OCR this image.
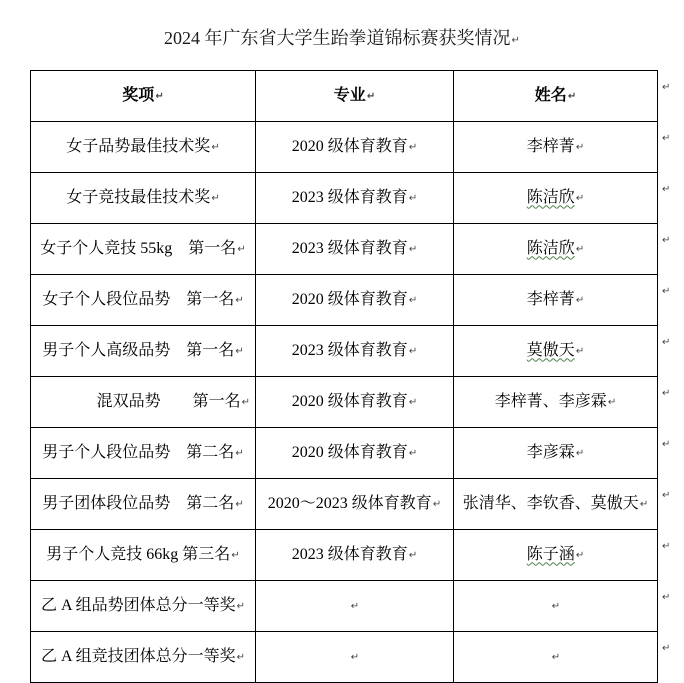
2024 年广东省大学生跆拳道锦标赛获奖情况↵
奖项↵	专业↵	姓名↵	↵
女子品势最佳技术奖↵	2020 级体育教育↵	李梓菁↵	↵
女子竞技最佳技术奖↵	2023 级体育教育↵	陈洁欣↵	↵
女子个人竞技 55kg　第一名↵	2023 级体育教育↵	陈洁欣↵	↵
女子个人段位品势　第一名↵	2020 级体育教育↵	李梓菁↵	↵
男子个人高级品势　第一名↵	2023 级体育教育↵	莫傲天↵	↵
混双品势　　第一名↵	2020 级体育教育↵	李梓菁、李彦霖↵	↵
男子个人段位品势　第二名↵	2020 级体育教育↵	李彦霖↵	↵
男子团体段位品势　第二名↵	2020～2023 级体育教育↵	张清华、李钦香、莫傲天↵	↵
男子个人竞技 66kg 第三名↵	2023 级体育教育↵	陈子涵↵	↵
乙 A 组品势团体总分一等奖↵	↵	↵	↵
乙 A 组竞技团体总分一等奖↵	↵	↵	↵
